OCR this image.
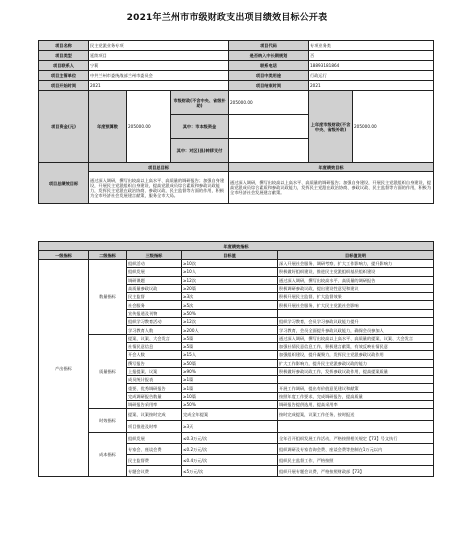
2021年兰州市市级财政支出项目绩效目标公开表
项目名称	民主党派业务专项			项目代码	专项业务类	
项目类型	延续项目			是否纳入中长期规划	否	
项目联系人	宁莉			联系电话	18893181864	
项目主管单位	中共兰州市委统战部兰州市委员会			项目中类用途	行政运行	
项目开始时间	2021			项目结束时间	2021	
项目资金(元)	年度预算数	205000.00	市级财政(不含中央、省级补助)	205000.00	上年度市级财政(不含中央、省级补助)	205000.00
			其中：市本级资金			
			其中：对区(县)转移支付			
项目总绩效目标	项目总目标			年度绩效目标		
	通过深入调研，撰写出较高以上高水平、高质量的调研报告；加强自身建设，开展民主党派组织自身建设，提高党派成员综合素质和参政议政能力，发挥民主党派在政治协商、参政议政、民主监督等方面的作用，积极为全市经济社会发展建言献策，服务全市大局。			通过深入调研，撰写出较高以上高水平、高质量的调研报告；加强自身建设，开展民主党派组织自身建设，提高党派成员综合素质和参政议政能力，发挥民主党派在政治协商、参政议政、民主监督等方面的作用，积极为全市经济社会发展建言献策。		
年度绩效指标				
一级指标	二级指标	三级指标	目标值	目标值说明
产出指标	数量指标	组织活动	≥10次	深入开展社会服务、调研考察，扩大工作影响力，提升影响力
		组织发展	≥10人	积极做好组织建设，推进民主党派组织基层组织建设
		调研课题	≥12次	通过深入调研，撰写出较高水平、高质量的调研报告
		高质量参政议政	≥20篇	积极调研参政议政，提出建设性意见和建议
		民主监督	≥3次	积极开展民主监督，扩大监督效果
		社会服务	≥5次	积极开展社会服务，扩大民主党派社会影响
		宣传报道及刊物	≥50%	
		组织学习教育活动	≥12次	组织学习教育，会员学习参政议政能力提升
		学习教育人数	≥200人	学习教育，会员全面提升参政议政能力，确保会员参加人
	质量指标	提案、议案、大会发言	≥5篇	通过深入调研，撰写出较高以上高水平、高质量的提案、议案、大会发言
		社情民意信息	≥5篇	加强社情民意信息工作，积极建言献策，有效反映社情民意
		开会人数	≥15人	加强组织建设，提升凝聚力，发挥民主党派参政议政作用
		撰写报告	≥50篇	扩大工作影响力，提升民主党派参政议政的能力
		上报提案、议案	≥90%	积极做好参政议政工作，发挥参政议政作用，提高提案质量
		成员统计报表	≥1篇	
		重要、优秀调研报告	≥1篇	开展工作调研，提出有价值意见建议和献策
		完成调研报告数量	≥10篇	按照年度工作要求，完成调研报告，提高质量
		调研报告采用率	≥50%	调研报告提供选用，提高采用率
	时效指标	提案、议案按时完成	完成全年提案	按时完成提案，议案工作任务，按时报送
		项目推进及时率	≥3天	
	成本指标	组织发展	≤0.3万元/次	全年召开组织发展工作活动，严格按照相关规定【73】号文执行
		专家会、座谈会费	≤0.2万元/次	组织调研及专家咨询会费、座谈会费等控制在1万元以内
		民主监督费	≤0.4万元/次	组织民主监督工作，严格按照
		专题会议费	≤5万元/次	组织开展专题会议费，严格按照财政部【73】
